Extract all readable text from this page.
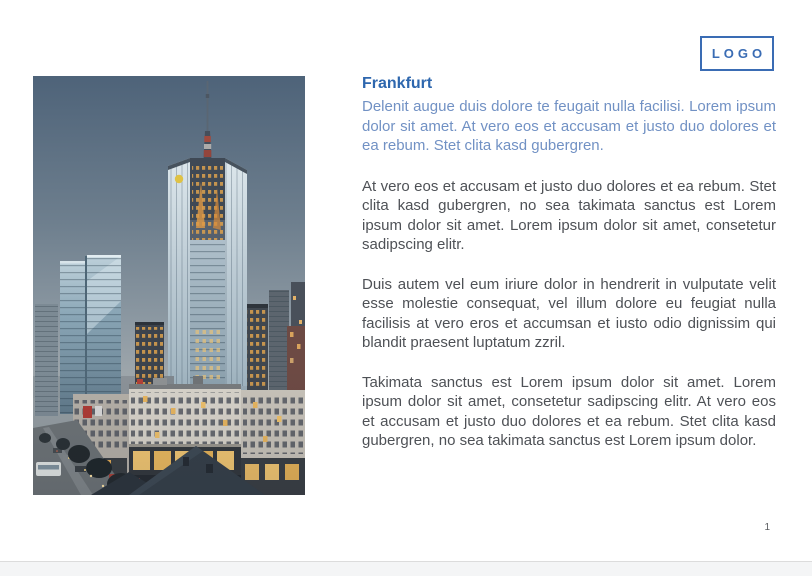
LOGO
Frankfurt

Delenit augue duis dolore te feugait nulla facilisi. Lorem ipsum dolor sit amet. At vero eos et accusam et justo duo dolores et ea rebum. Stet clita kasd gubergren.

At vero eos et accusam et justo duo dolores et ea rebum. Stet clita kasd gubergren, no sea takimata sanctus est Lorem ipsum dolor sit amet. Lorem ipsum dolor sit amet, consetetur sadipscing elitr.

Duis autem vel eum iriure dolor in hendrerit in vulputate velit esse molestie consequat, vel illum dolore eu feugiat nulla facilisis at vero eros et accumsan et iusto odio dignissim qui blandit praesent luptatum zzril.

Takimata sanctus est Lorem ipsum dolor sit amet. Lorem ipsum dolor sit amet, consetetur sadipscing elitr. At vero eos et accusam et justo duo dolores et ea rebum. Stet clita kasd gubergren, no sea takimata sanctus est Lorem ipsum dolor.

1
